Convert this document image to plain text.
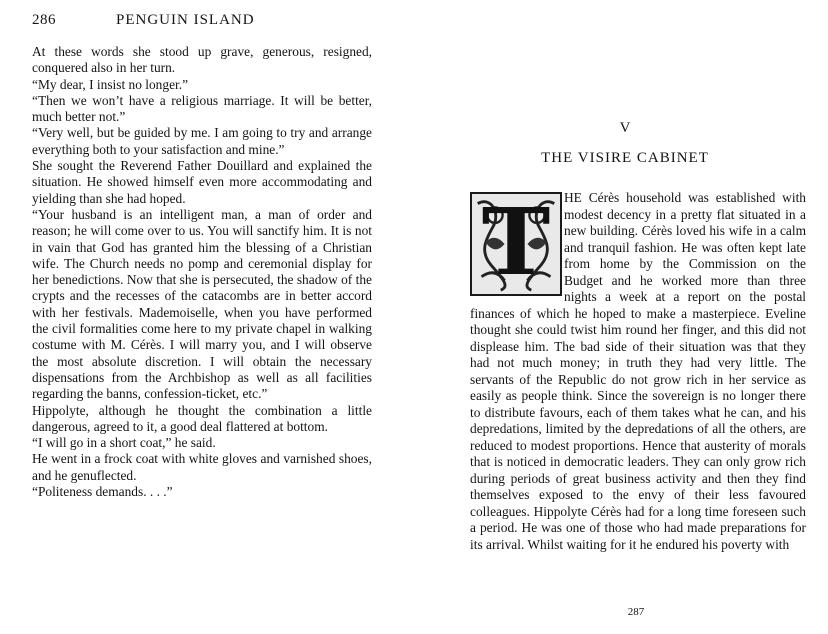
286	PENGUIN ISLAND

At these words she stood up grave, generous, resigned, conquered also in her turn.

“My dear, I insist no longer.”

“Then we won’t have a religious marriage. It will be better, much better not.”

“Very well, but be guided by me. I am going to try and arrange everything both to your satisfaction and mine.”

She sought the Reverend Father Douillard and explained the situation. He showed himself even more accommodating and yielding than she had hoped.

“Your husband is an intelligent man, a man of order and reason; he will come over to us. You will sanctify him. It is not in vain that God has granted him the blessing of a Christian wife. The Church needs no pomp and ceremonial display for her benedictions. Now that she is persecuted, the shadow of the crypts and the recesses of the catacombs are in better accord with her festivals. Mademoiselle, when you have performed the civil formalities come here to my private chapel in walking costume with M. Cérès. I will marry you, and I will observe the most absolute discretion. I will obtain the necessary dispensations from the Archbishop as well as all facilities regarding the banns, confession-ticket, etc.”

Hippolyte, although he thought the combination a little dangerous, agreed to it, a good deal flattered at bottom.

“I will go in a short coat,” he said.

He went in a frock coat with white gloves and varnished shoes, and he genuflected.

“Politeness demands. . . .”

V
THE VISIRE CABINET

HE Cérès household was established with modest decency in a pretty flat situated in a new building. Cérès loved his wife in a calm and tranquil fashion. He was often kept late from home by the Commission on the Budget and he worked more than three nights a week at a report on the postal finances of which he hoped to make a masterpiece. Eveline thought she could twist him round her finger, and this did not displease him. The bad side of their situation was that they had not much money; in truth they had very little. The servants of the Republic do not grow rich in her service as easily as people think. Since the sovereign is no longer there to distribute favours, each of them takes what he can, and his depredations, limited by the depredations of all the others, are reduced to modest proportions. Hence that austerity of morals that is noticed in democratic leaders. They can only grow rich during periods of great business activity and then they find themselves exposed to the envy of their less favoured colleagues. Hippolyte Cérès had for a long time foreseen such a period. He was one of those who had made preparations for its arrival. Whilst waiting for it he endured his poverty with

T
287
